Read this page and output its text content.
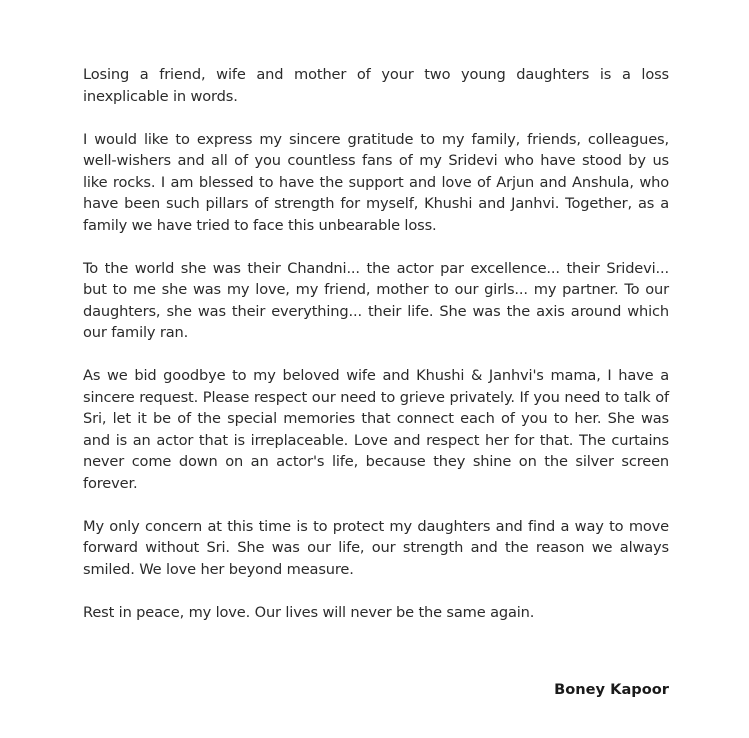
Losing a friend, wife and mother of your two young daughters is a loss inexplicable in words.

I would like to express my sincere gratitude to my family, friends, colleagues, well-wishers and all of you countless fans of my Sridevi who have stood by us like rocks. I am blessed to have the support and love of Arjun and Anshula, who have been such pillars of strength for myself, Khushi and Janhvi. Together, as a family we have tried to face this unbearable loss.

To the world she was their Chandni... the actor par excellence... their Sridevi... but to me she was my love, my friend, mother to our girls... my partner. To our daughters, she was their everything... their life. She was the axis around which our family ran.

As we bid goodbye to my beloved wife and Khushi & Janhvi's mama, I have a sincere request. Please respect our need to grieve privately. If you need to talk of Sri, let it be of the special memories that connect each of you to her. She was and is an actor that is irreplaceable. Love and respect her for that. The curtains never come down on an actor's life, because they shine on the silver screen forever.

My only concern at this time is to protect my daughters and find a way to move forward without Sri. She was our life, our strength and the reason we always smiled. We love her beyond measure.

Rest in peace, my love. Our lives will never be the same again.

Boney Kapoor
